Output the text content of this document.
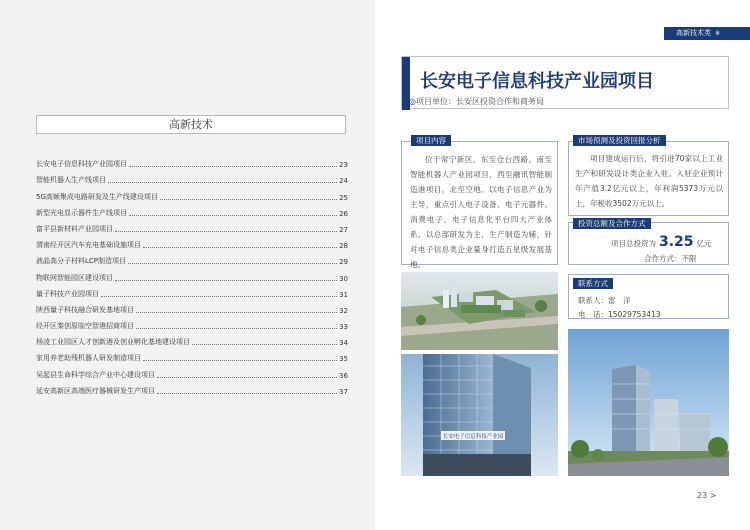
高新技术
长安电子信息科技产业园项目	23
智能机器人生产线项目	24
5G高频集成电路研发及生产线建设项目	25
新型光电显示器件生产线项目	26
富平县新材料产业园项目	27
渭南经开区汽车充电基础设施项目	28
液晶高分子材料LCP制造项目	29
物联网智能园区建设项目	30
量子科技产业园项目	31
陕西量子科技融合研发基地项目	32
经开区秦创原临空智港招商项目	33
杨凌工业园区人才创新港及创业孵化基地建设项目	34
家用养老助残机器人研发制造项目	35
吴起县生命科学综合产业中心建设项目	36
延安高新区高端医疗器械研发生产项目	37
高新技术类 ※
长安电子信息科技产业园项目
◎项目单位：长安区投资合作和商务局
位于常宁新区，东至仓台西路，南至智能机器人产业园项目，西至融讯智能制造港项目，北至空地。以电子信息产业为主导，重点引入电子设备、电子元器件、消费电子、电子信息化平台四大产业体系。以总部研发为主，生产制造为辅，针对电子信息类企业量身打造五星级发展基地。
项目内容
项目建成运行后，将引进70家以上工业生产和研发设计类企业入驻。入驻企业预计年产值3.2亿元以上，年利润5373万元以上，年税收3502万元以上。
市场预测及投资回报分析
项目总投资为 3.25 亿元
合作方式：不限
投资总额及合作方式
联系人：雷　洋
电　话：15029753413
联系方式
长安电子信息科技产业园
23 >
